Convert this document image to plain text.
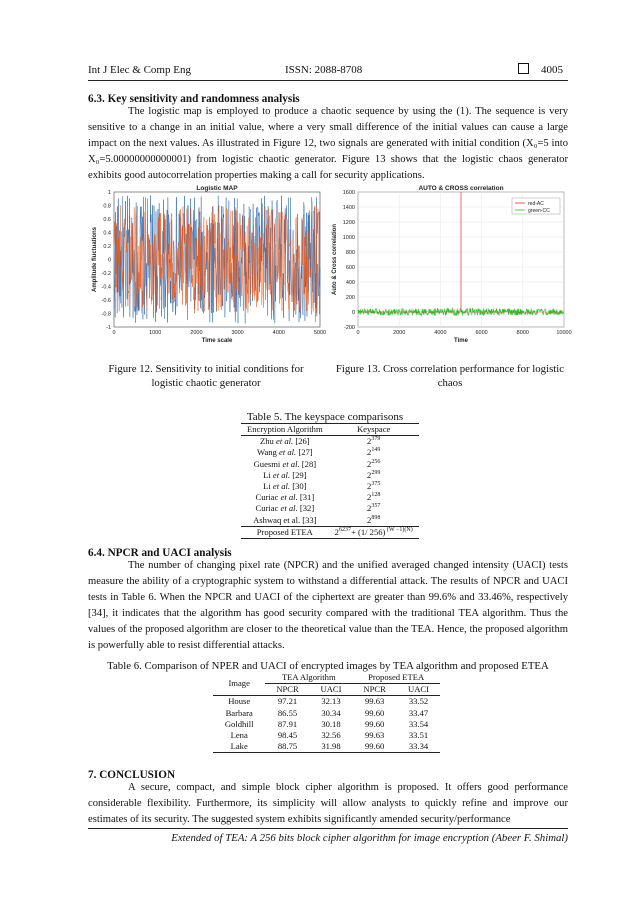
Int J Elec & Comp Eng	ISSN: 2088-8708	4005
6.3. Key sensitivity and randomness analysis
The logistic map is employed to produce a chaotic sequence by using the (1). The sequence is very sensitive to a change in an initial value, where a very small difference of the initial values can cause a large impact on the next values. As illustrated in Figure 12, two signals are generated with initial condition (X₀=5 into X₀=5.00000000000001) from logistic chaotic generator. Figure 13 shows that the logistic chaos generator exhibits good autocorrelation properties making a call for security applications.
0	1000	2000	3000	4000	5000
-1
-0.8
-0.6
-0.4
-0.2
0
0.2
0.4
0.6
0.8
1
Logistic MAP
Time scale
Amplitude fluctuations
Figure 12. Sensitivity to initial conditions for logistic chaotic generator
0	2000	4000	6000	8000	10000
-200
0
200
400
600
800
1000
1200
1400
1600
red-AC
green-CC
AUTO & CROSS correlation
Time
Auto & Cross correlation
Figure 13. Cross correlation performance for logistic chaos
Table 5. The keyspace comparisons
Encryption Algorithm	Keyspace
Zhu et al. [26]	$2^{379}$
Wang et al. [27]	$2^{149}$
Guesmi et al. [28]	$2^{256}$
Li et al. [29]	$2^{299}$
Li et al. [30]	$2^{375}$
Curiac et al. [31]	$2^{128}$
Curiac et al. [32]	$2^{357}$
Ashwaq et al. [33]	$2^{898}$
Proposed ETEA	$2^{6237}+ (1/$ 256) $^{(W -1)(N)}$
6.4. NPCR and UACI analysis
The number of changing pixel rate (NPCR) and the unified averaged changed intensity (UACI) tests measure the ability of a cryptographic system to withstand a differential attack. The results of NPCR and UACI tests in Table 6. When the NPCR and UACI of the ciphertext are greater than 99.6% and 33.46%, respectively [34], it indicates that the algorithm has good security compared with the traditional TEA algorithm. Thus the values of the proposed algorithm are closer to the theoretical value than the TEA. Hence, the proposed algorithm is powerfully able to resist differential attacks.
Table 6. Comparison of NPER and UACI of encrypted images by TEA algorithm and proposed ETEA
Image	TEA Algorithm		Proposed ETEA	
	NPCR	UACI	NPCR	UACI
House	97.21	32.13	99.63	33.52
Barbara	86.55	30.34	99.60	33.47
Goldhill	87.91	30.18	99.60	33.54
Lena	98.45	32.56	99.63	33.51
Lake	88.75	31.98	99.60	33.34
7. CONCLUSION
A secure, compact, and simple block cipher algorithm is proposed. It offers good performance considerable flexibility. Furthermore, its simplicity will allow analysts to quickly refine and improve our estimates of its security. The suggested system exhibits significantly amended security/performance
Extended of TEA: A 256 bits block cipher algorithm for image encryption (Abeer F. Shimal)
